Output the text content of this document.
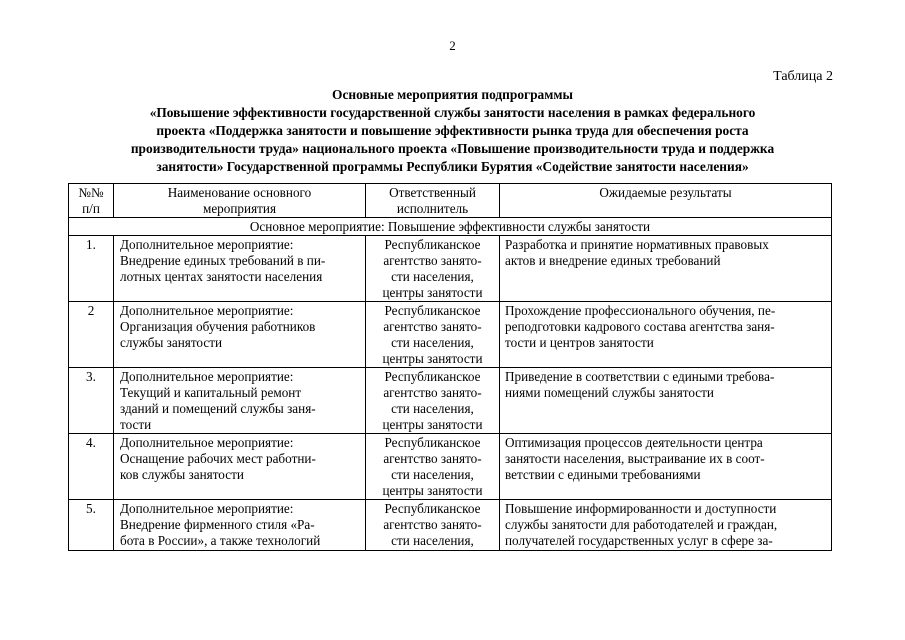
2
Таблица 2
Основные мероприятия подпрограммы
«Повышение эффективности государственной службы занятости населения в рамках федерального
проекта «Поддержка занятости и повышение эффективности рынка труда для обеспечения роста
производительности труда» национального проекта «Повышение производительности труда и поддержка
занятости» Государственной программы Республики Бурятия «Содействие занятости населения»
№№
п/п	Наименование основного
мероприятия	Ответственный
исполнитель	Ожидаемые результаты

Основное мероприятие: Повышение эффективности службы занятости			
1.	Дополнительное мероприятие:
Внедрение единых требований в пи-
лотных центах занятости населения	Республиканское
агентство занято-
сти населения,
центры занятости	Разработка и принятие нормативных правовых
актов и внедрение единых требований

2	Дополнительное мероприятие:
Организация обучения работников
службы занятости	Республиканское
агентство занято-
сти населения,
центры занятости	Прохождение профессионального обучения, пе-
реподготовки кадрового состава агентства заня-
тости и центров занятости

3.	Дополнительное мероприятие:
Текущий и капитальный ремонт
зданий и помещений службы заня-
тости	Республиканское
агентство занято-
сти населения,
центры занятости	Приведение в соответствии с едиными требова-
ниями помещений службы занятости

4.	Дополнительное мероприятие:
Оснащение рабочих мест работни-
ков службы занятости	Республиканское
агентство занято-
сти населения,
центры занятости	Оптимизация процессов деятельности центра
занятости населения, выстраивание их в соот-
ветствии с едиными требованиями

5.	Дополнительное мероприятие:
Внедрение фирменного стиля «Ра-
бота в России», а также технологий	Республиканское
агентство занято-
сти населения,	Повышение информированности и доступности
службы занятости для работодателей и граждан,
получателей государственных услуг в сфере за-
